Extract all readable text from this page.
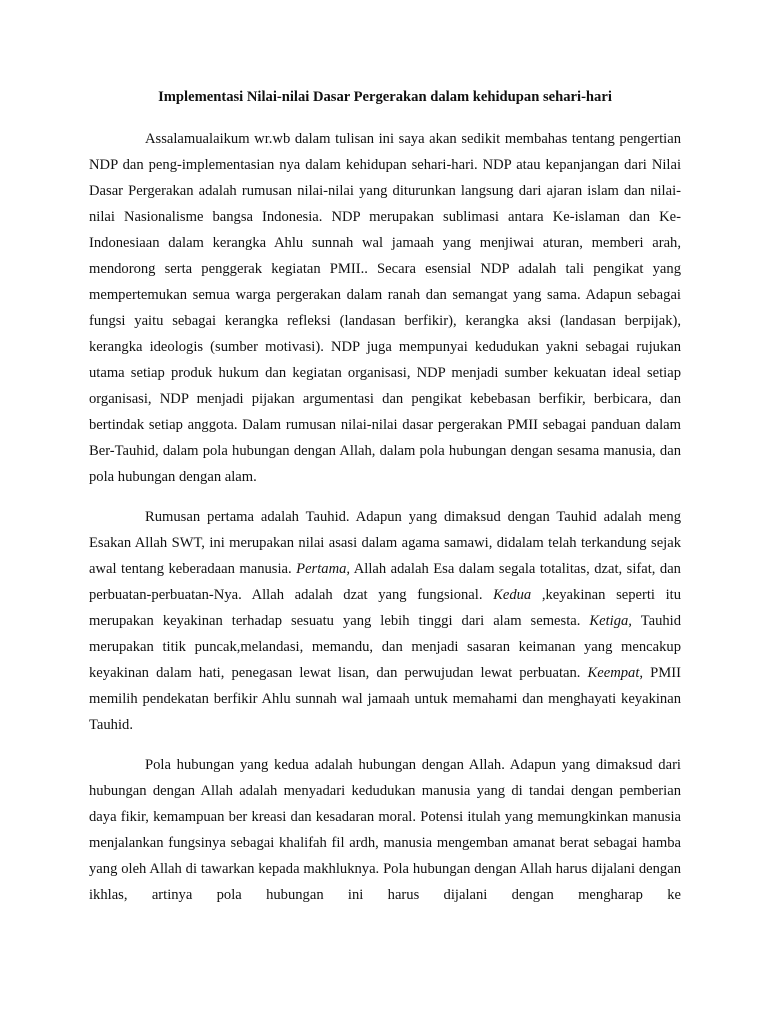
Implementasi Nilai-nilai Dasar Pergerakan dalam kehidupan sehari-hari

Assalamualaikum wr.wb dalam tulisan ini saya akan sedikit membahas tentang pengertian NDP dan peng-implementasian nya dalam kehidupan sehari-hari. NDP atau kepanjangan dari Nilai Dasar Pergerakan adalah rumusan nilai-nilai yang diturunkan langsung dari ajaran islam dan nilai-nilai Nasionalisme bangsa Indonesia. NDP merupakan sublimasi antara Ke-islaman dan Ke-Indonesiaan dalam kerangka Ahlu sunnah wal jamaah yang menjiwai aturan, memberi arah, mendorong serta penggerak kegiatan PMII.. Secara esensial NDP adalah tali pengikat yang mempertemukan semua warga pergerakan dalam ranah dan semangat yang sama. Adapun sebagai fungsi yaitu sebagai kerangka refleksi (landasan berfikir), kerangka aksi (landasan berpijak), kerangka ideologis (sumber motivasi). NDP juga mempunyai kedudukan yakni sebagai rujukan utama setiap produk hukum dan kegiatan organisasi, NDP menjadi sumber kekuatan ideal setiap organisasi, NDP menjadi pijakan argumentasi dan pengikat kebebasan berfikir, berbicara, dan bertindak setiap anggota. Dalam rumusan nilai-nilai dasar pergerakan PMII sebagai panduan dalam Ber-Tauhid, dalam pola hubungan dengan Allah, dalam pola hubungan dengan sesama manusia, dan pola hubungan dengan alam.

Rumusan pertama adalah Tauhid. Adapun yang dimaksud dengan Tauhid adalah meng Esakan Allah SWT, ini merupakan nilai asasi dalam agama samawi, didalam telah terkandung sejak awal tentang keberadaan manusia. Pertama, Allah adalah Esa dalam segala totalitas, dzat, sifat, dan perbuatan-perbuatan-Nya. Allah adalah dzat yang fungsional. Kedua ,keyakinan seperti itu merupakan keyakinan terhadap sesuatu yang lebih tinggi dari alam semesta. Ketiga, Tauhid merupakan titik puncak,melandasi, memandu, dan menjadi sasaran keimanan yang mencakup keyakinan dalam hati, penegasan lewat lisan, dan perwujudan lewat perbuatan. Keempat, PMII memilih pendekatan berfikir Ahlu sunnah wal jamaah untuk memahami dan menghayati keyakinan Tauhid.

Pola hubungan yang kedua adalah hubungan dengan Allah. Adapun yang dimaksud dari hubungan dengan Allah adalah menyadari kedudukan manusia yang di tandai dengan pemberian daya fikir, kemampuan ber kreasi dan kesadaran moral. Potensi itulah yang memungkinkan manusia menjalankan fungsinya sebagai khalifah fil ardh, manusia mengemban amanat berat sebagai hamba yang oleh Allah di tawarkan kepada makhluknya. Pola hubungan dengan Allah harus dijalani dengan ikhlas, artinya pola hubungan ini harus dijalani dengan mengharap ke
